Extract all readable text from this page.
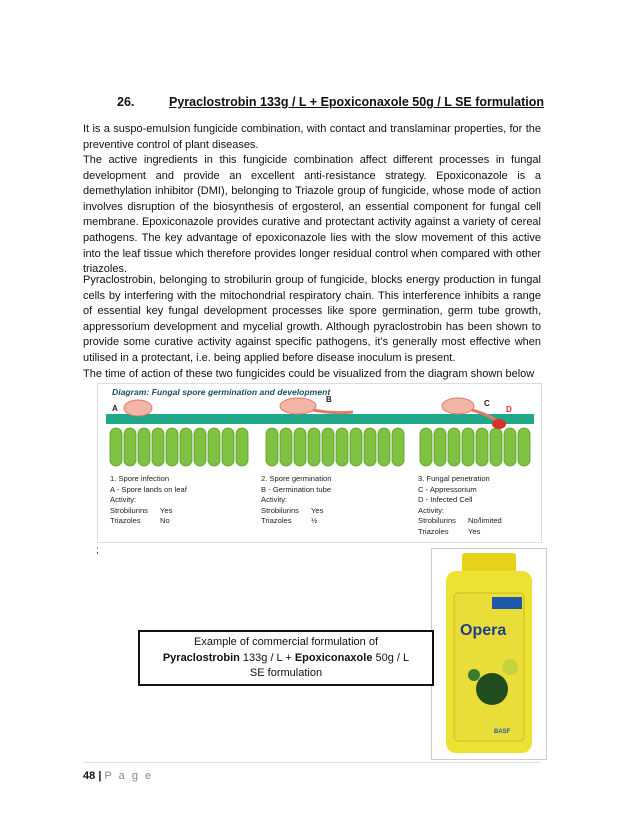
26.	Pyraclostrobin 133g / L + Epoxiconaxole 50g / L SE formulation

It is a suspo-emulsion fungicide combination, with contact and translaminar properties, for the preventive control of plant diseases.

The active ingredients in this fungicide combination affect different processes in fungal development and provide an excellent anti-resistance strategy. Epoxiconazole is a demethylation inhibitor (DMI), belonging to Triazole group of fungicide, whose mode of action involves disruption of the biosynthesis of ergosterol, an essential component for fungal cell membrane. Epoxiconazole provides curative and protectant activity against a variety of cereal pathogens. The key advantage of epoxiconazole lies with the slow movement of this active into the leaf tissue which therefore provides longer residual control when compared with other triazoles.

Pyraclostrobin, belonging to strobilurin group of fungicide, blocks energy production in fungal cells by interfering with the mitochondrial respiratory chain. This interference inhibits a range of essential key fungal development processes like spore germination, germ tube growth, appressorium development and mycelial growth. Although pyraclostrobin has been shown to provide some curative activity against specific pathogens, it’s generally most effective when utilised in a protectant, i.e. being applied before disease inoculum is present.

The time of action of these two fungicides could be visualized from the diagram shown below

A
B	C
D
Diagram: Fungal spore germination and development
1. Spore infection
A - Spore lands on leaf
Activity:
Strobilurins Yes
Triazoles	No
2. Spore germination
B - Germination tube
Activity:
Strobilurins Yes
Triazoles	½
3. Fungal penetration
C - Appressorium
D - Infected Cell
Activity:
Strobilurins No/limited
Triazoles	Yes
;
Opera
BASF
Example of commercial formulation of
Pyraclostrobin 133g / L + Epoxiconaxole 50g / L
SE formulation
48 | P a g e
